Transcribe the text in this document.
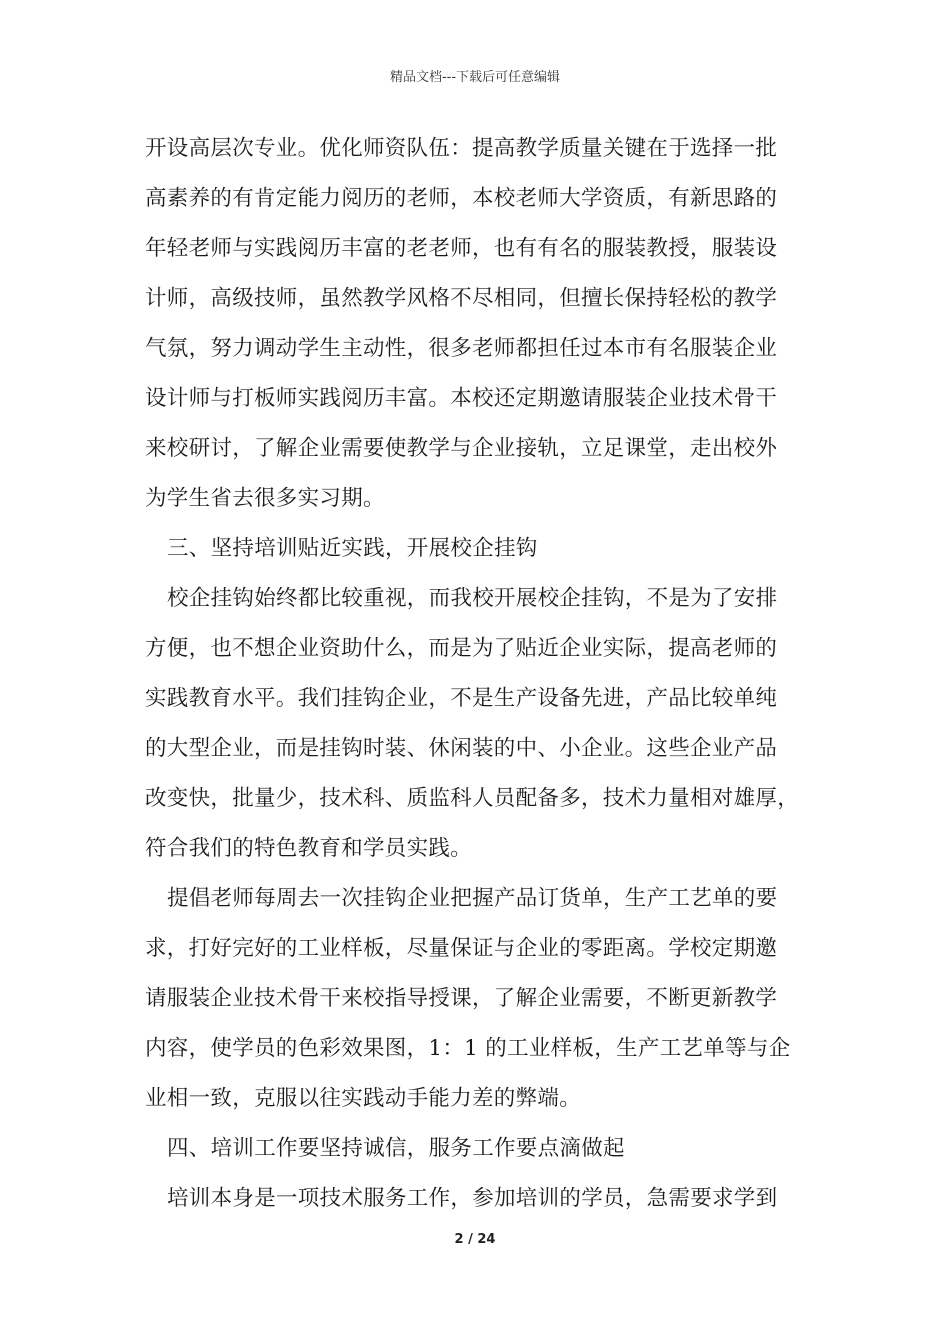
精品文档---下载后可任意编辑
开设高层次专业。优化师资队伍：提高教学质量关键在于选择一批
高素养的有肯定能力阅历的老师，本校老师大学资质，有新思路的
年轻老师与实践阅历丰富的老老师，也有有名的服装教授，服装设
计师，高级技师，虽然教学风格不尽相同，但擅长保持轻松的教学
气氛，努力调动学生主动性，很多老师都担任过本市有名服装企业
设计师与打板师实践阅历丰富。本校还定期邀请服装企业技术骨干
来校研讨，了解企业需要使教学与企业接轨，立足课堂，走出校外
为学生省去很多实习期。
三、坚持培训贴近实践，开展校企挂钩
校企挂钩始终都比较重视，而我校开展校企挂钩，不是为了安排
方便，也不想企业资助什么，而是为了贴近企业实际，提高老师的
实践教育水平。我们挂钩企业，不是生产设备先进，产品比较单纯
的大型企业，而是挂钩时装、休闲装的中、小企业。这些企业产品
改变快，批量少，技术科、质监科人员配备多，技术力量相对雄厚，
符合我们的特色教育和学员实践。
提倡老师每周去一次挂钩企业把握产品订货单，生产工艺单的要
求，打好完好的工业样板，尽量保证与企业的零距离。学校定期邀
请服装企业技术骨干来校指导授课，了解企业需要，不断更新教学
内容，使学员的色彩效果图，1：1 的工业样板，生产工艺单等与企
业相一致，克服以往实践动手能力差的弊端。
四、培训工作要坚持诚信，服务工作要点滴做起
培训本身是一项技术服务工作，参加培训的学员，急需要求学到
2 / 24
